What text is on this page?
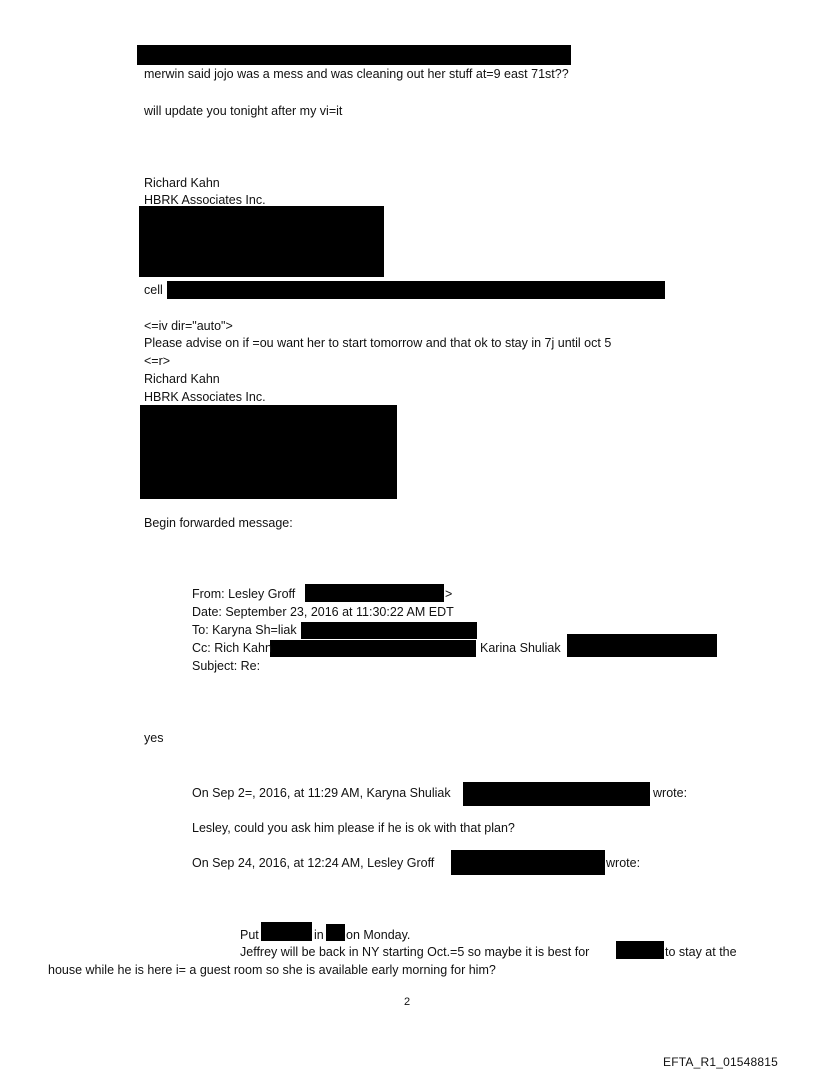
merwin said jojo was a mess and was cleaning out her stuff at=9 east 71st??
will update you tonight after my vi=it
Richard Kahn
HBRK Associates Inc.
cell
<=iv dir="auto">
Please advise on if =ou want her to start tomorrow and that ok to stay in 7j until oct 5
<=r>
Richard Kahn
HBRK Associates Inc.
Begin forwarded message:
From: Lesley Groff	>
Date: September 23, 2016 at 11:30:22 AM EDT
To: Karyna Sh=liak
Cc: Rich Kahn	Karina Shuliak
Subject: Re:
yes
On Sep 2=, 2016, at 11:29 AM, Karyna Shuliak	wrote:
Lesley, could you ask him please if he is ok with that plan?
On Sep 24, 2016, at 12:24 AM, Lesley Groff	wrote:
Put	in on Monday.
Jeffrey will be back in NY starting Oct.=5 so maybe it is best for	to stay at the
house while he is here i= a guest room so she is available early morning for him?
2
EFTA_R1_01548815
